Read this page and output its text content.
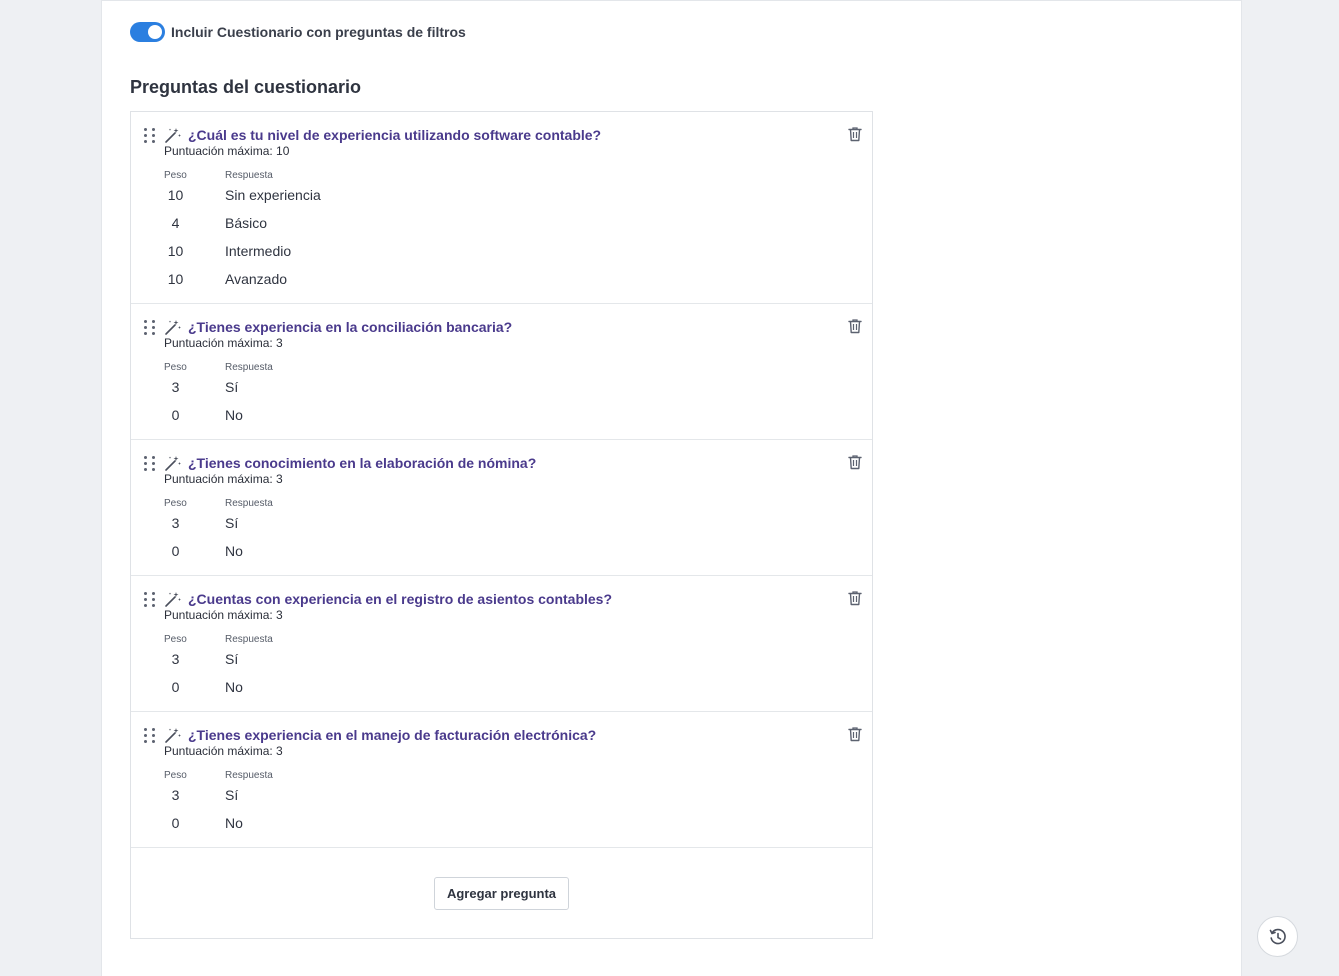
Incluir Cuestionario con preguntas de filtros
Preguntas del cuestionario
¿Cuál es tu nivel de experiencia utilizando software contable?
Puntuación máxima: 10
Peso	Respuesta
10	Sin experiencia
4	Básico
10	Intermedio
10	Avanzado
¿Tienes experiencia en la conciliación bancaria?
Puntuación máxima: 3
Peso	Respuesta
3	Sí
0	No
¿Tienes conocimiento en la elaboración de nómina?
Puntuación máxima: 3
Peso	Respuesta
3	Sí
0	No
¿Cuentas con experiencia en el registro de asientos contables?
Puntuación máxima: 3
Peso	Respuesta
3	Sí
0	No
¿Tienes experiencia en el manejo de facturación electrónica?
Puntuación máxima: 3
Peso	Respuesta
3	Sí
0	No
Agregar pregunta
